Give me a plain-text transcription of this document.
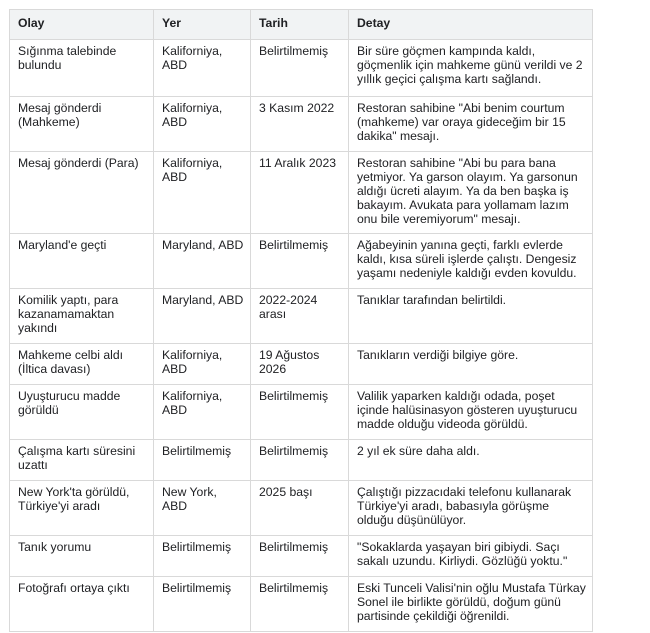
Olay	Yer	Tarih	Detay
Sığınma talebinde bulundu	Kaliforniya, ABD	Belirtilmemiş	Bir süre göçmen kampında kaldı, göçmenlik için mahkeme günü verildi ve 2 yıllık geçici çalışma kartı sağlandı.
Mesaj gönderdi (Mahkeme)	Kaliforniya, ABD	3 Kasım 2022	Restoran sahibine "Abi benim courtum (mahkeme) var oraya gideceğim bir 15 dakika" mesajı.
Mesaj gönderdi (Para)	Kaliforniya, ABD	11 Aralık 2023	Restoran sahibine "Abi bu para bana yetmiyor. Ya garson olayım. Ya garsonun aldığı ücreti alayım. Ya da ben başka iş bakayım. Avukata para yollamam lazım onu bile veremiyorum" mesajı.
Maryland'e geçti	Maryland, ABD	Belirtilmemiş	Ağabeyinin yanına geçti, farklı evlerde kaldı, kısa süreli işlerde çalıştı. Dengesiz yaşamı nedeniyle kaldığı evden kovuldu.
Komilik yaptı, para kazanamamaktan yakındı	Maryland, ABD	2022-2024 arası	Tanıklar tarafından belirtildi.
Mahkeme celbi aldı (İltica davası)	Kaliforniya, ABD	19 Ağustos 2026	Tanıkların verdiği bilgiye göre.
Uyuşturucu madde görüldü	Kaliforniya, ABD	Belirtilmemiş	Valilik yaparken kaldığı odada, poşet içinde halüsinasyon gösteren uyuşturucu madde olduğu videoda görüldü.
Çalışma kartı süresini uzattı	Belirtilmemiş	Belirtilmemiş	2 yıl ek süre daha aldı.
New York'ta görüldü, Türkiye'yi aradı	New York, ABD	2025 başı	Çalıştığı pizzacıdaki telefonu kullanarak Türkiye'yi aradı, babasıyla görüşme olduğu düşünülüyor.
Tanık yorumu	Belirtilmemiş	Belirtilmemiş	"Sokaklarda yaşayan biri gibiydi. Saçı sakalı uzundu. Kirliydi. Gözlüğü yoktu."
Fotoğrafı ortaya çıktı	Belirtilmemiş	Belirtilmemiş	Eski Tunceli Valisi'nin oğlu Mustafa Türkay Sonel ile birlikte görüldü, doğum günü partisinde çekildiği öğrenildi.
